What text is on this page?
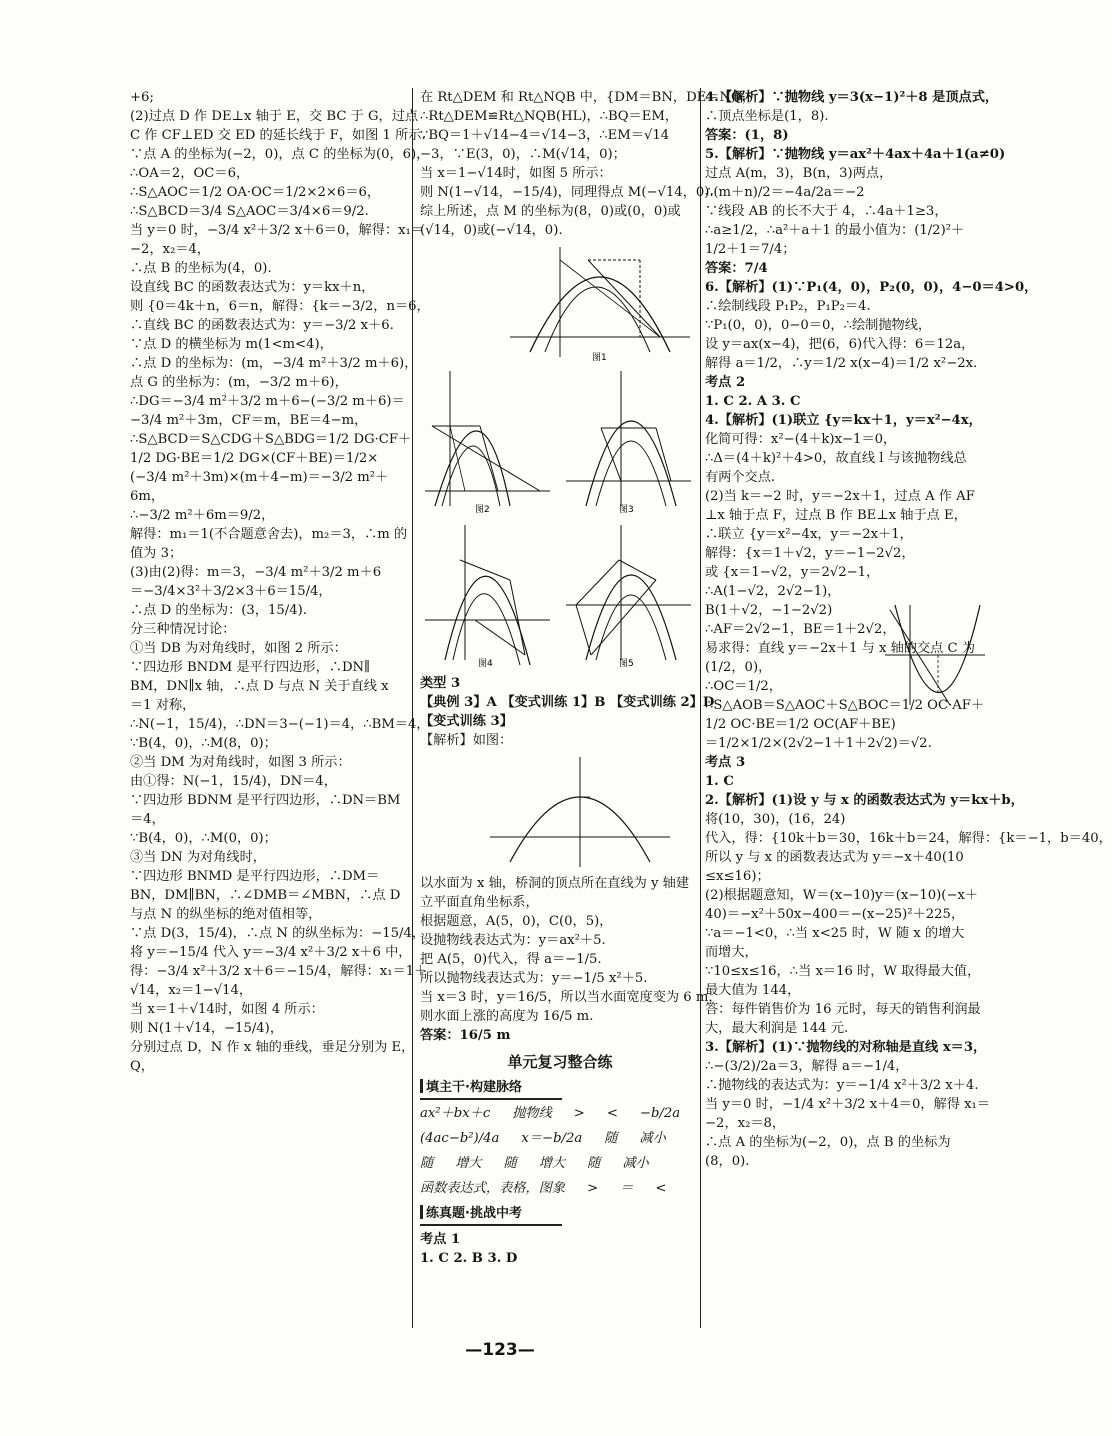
+6;

(2)过点 D 作 DE⊥x 轴于 E，交 BC 于 G，过点

C 作 CF⊥ED 交 ED 的延长线于 F，如图 1 所示.

∵点 A 的坐标为(−2，0)，点 C 的坐标为(0，6)，

∴OA＝2，OC＝6，

∴S△AOC＝1/2 OA·OC＝1/2×2×6＝6，

∴S△BCD＝3/4 S△AOC＝3/4×6＝9/2.

当 y＝0 时，−3/4 x²＋3/2 x＋6＝0，解得：x₁＝

−2，x₂＝4，

∴点 B 的坐标为(4，0).

设直线 BC 的函数表达式为：y＝kx＋n，

则 {0＝4k＋n，6＝n，解得：{k＝−3/2，n＝6，

∴直线 BC 的函数表达式为：y＝−3/2 x＋6.

∵点 D 的横坐标为 m(1<m<4)，

∴点 D 的坐标为：(m，−3/4 m²＋3/2 m＋6)，

点 G 的坐标为：(m，−3/2 m＋6)，

∴DG＝−3/4 m²＋3/2 m＋6−(−3/2 m＋6)＝

−3/4 m²＋3m，CF＝m，BE＝4−m，

∴S△BCD＝S△CDG＋S△BDG＝1/2 DG·CF＋

1/2 DG·BE＝1/2 DG×(CF＋BE)＝1/2×

(−3/4 m²＋3m)×(m＋4−m)＝−3/2 m²＋

6m，

∴−3/2 m²＋6m＝9/2，

解得：m₁＝1(不合题意舍去)，m₂＝3，∴m 的

值为 3；

(3)由(2)得：m＝3，−3/4 m²＋3/2 m＋6

＝−3/4×3²＋3/2×3＋6＝15/4，

∴点 D 的坐标为：(3，15/4).

分三种情况讨论：

①当 DB 为对角线时，如图 2 所示：

∵四边形 BNDM 是平行四边形，∴DN∥

BM，DN∥x 轴，∴点 D 与点 N 关于直线 x

＝1 对称，

∴N(−1，15/4)，∴DN＝3−(−1)＝4，∴BM＝4，

∵B(4，0)，∴M(8，0)；

②当 DM 为对角线时，如图 3 所示：

由①得：N(−1，15/4)，DN＝4，

∵四边形 BDNM 是平行四边形，∴DN＝BM

＝4，

∵B(4，0)，∴M(0，0)；

③当 DN 为对角线时，

∵四边形 BNMD 是平行四边形，∴DM＝

BN，DM∥BN，∴∠DMB＝∠MBN，∴点 D

与点 N 的纵坐标的绝对值相等，

∵点 D(3，15/4)，∴点 N 的纵坐标为：−15/4，

将 y＝−15/4 代入 y＝−3/4 x²＋3/2 x＋6 中，

得：−3/4 x²＋3/2 x＋6＝−15/4，解得：x₁＝1＋

√14，x₂＝1−√14，

当 x＝1＋√14时，如图 4 所示：

则 N(1＋√14，−15/4)，

分别过点 D，N 作 x 轴的垂线，垂足分别为 E，

Q，

在 Rt△DEM 和 Rt△NQB 中，{DM＝BN，DE＝NQ，

∴Rt△DEM≌Rt△NQB(HL)，∴BQ＝EM，

∵BQ＝1＋√14−4＝√14−3，∴EM＝√14

−3，∵E(3，0)，∴M(√14，0)；

当 x＝1−√14时，如图 5 所示：

则 N(1−√14，−15/4)，同理得点 M(−√14，0).

综上所述，点 M 的坐标为(8，0)或(0，0)或

(√14，0)或(−√14，0).

图1
图2	图3
图4	图5

类型 3

【典例 3】A 【变式训练 1】B 【变式训练 2】D

【变式训练 3】

【解析】如图：

以水面为 x 轴，桥洞的顶点所在直线为 y 轴建

立平面直角坐标系，

根据题意，A(5，0)，C(0，5)，

设抛物线表达式为：y＝ax²＋5.

把 A(5，0)代入，得 a＝−1/5.

所以抛物线表达式为：y＝−1/5 x²＋5.

当 x＝3 时，y＝16/5，所以当水面宽度变为 6 m，

则水面上涨的高度为 16/5 m.

答案：16/5 m

单元复习整合练
填主干·构建脉络
ax²＋bx＋c 抛物线 > < −b/2a
(4ac−b²)/4a x＝−b/2a 随 减小
随 增大 随 增大 随 减小
函数表达式，表格，图象 > ＝ <
练真题·挑战中考

考点 1

1. C 2. B 3. D

4.【解析】∵抛物线 y＝3(x−1)²＋8 是顶点式，

∴顶点坐标是(1，8).

答案：(1，8)

5.【解析】∵抛物线 y＝ax²＋4ax＋4a＋1(a≠0)

过点 A(m，3)，B(n，3)两点，

∴(m＋n)/2＝−4a/2a＝−2

∵线段 AB 的长不大于 4，∴4a＋1≥3，

∴a≥1/2，∴a²＋a＋1 的最小值为：(1/2)²＋

1/2＋1＝7/4；

答案：7/4

6.【解析】(1)∵P₁(4，0)，P₂(0，0)，4−0＝4>0，

∴绘制线段 P₁P₂，P₁P₂＝4.

∵P₁(0，0)，0−0＝0，∴绘制抛物线，

设 y＝ax(x−4)，把(6，6)代入得：6＝12a，

解得 a＝1/2，∴y＝1/2 x(x−4)＝1/2 x²−2x.

考点 2

1. C 2. A 3. C

4.【解析】(1)联立 {y＝kx＋1，y＝x²−4x，

化简可得：x²−(4＋k)x−1＝0，

∴Δ＝(4＋k)²＋4>0，故直线 l 与该抛物线总

有两个交点.

(2)当 k＝−2 时，y＝−2x＋1，过点 A 作 AF

⊥x 轴于点 F，过点 B 作 BE⊥x 轴于点 E，

∴联立 {y＝x²−4x，y＝−2x＋1，

解得：{x＝1＋√2，y＝−1−2√2，

或 {x＝1−√2，y＝2√2−1，

∴A(1−√2，2√2−1)，

B(1＋√2，−1−2√2)

∴AF＝2√2−1，BE＝1＋2√2，

易求得：直线 y＝−2x＋1 与 x 轴的交点 C 为

(1/2，0)，

∴OC＝1/2，

∴S△AOB＝S△AOC＋S△BOC＝1/2 OC·AF＋

1/2 OC·BE＝1/2 OC(AF＋BE)

＝1/2×1/2×(2√2−1＋1＋2√2)＝√2.

考点 3

1. C

2.【解析】(1)设 y 与 x 的函数表达式为 y＝kx＋b，

将(10，30)，(16，24)

代入，得：{10k＋b＝30，16k＋b＝24，解得：{k＝−1，b＝40，

所以 y 与 x 的函数表达式为 y＝−x＋40(10

≤x≤16)；

(2)根据题意知，W＝(x−10)y＝(x−10)(−x＋

40)＝−x²＋50x−400＝−(x−25)²＋225，

∵a＝−1<0，∴当 x<25 时，W 随 x 的增大

而增大，

∵10≤x≤16，∴当 x＝16 时，W 取得最大值，

最大值为 144，

答：每件销售价为 16 元时，每天的销售利润最

大，最大利润是 144 元.

3.【解析】(1)∵抛物线的对称轴是直线 x＝3，

∴−(3/2)/2a＝3，解得 a＝−1/4，

∴抛物线的表达式为：y＝−1/4 x²＋3/2 x＋4.

当 y＝0 时，−1/4 x²＋3/2 x＋4＝0，解得 x₁＝

−2，x₂＝8，

∴点 A 的坐标为(−2，0)，点 B 的坐标为

(8，0).

—123—
